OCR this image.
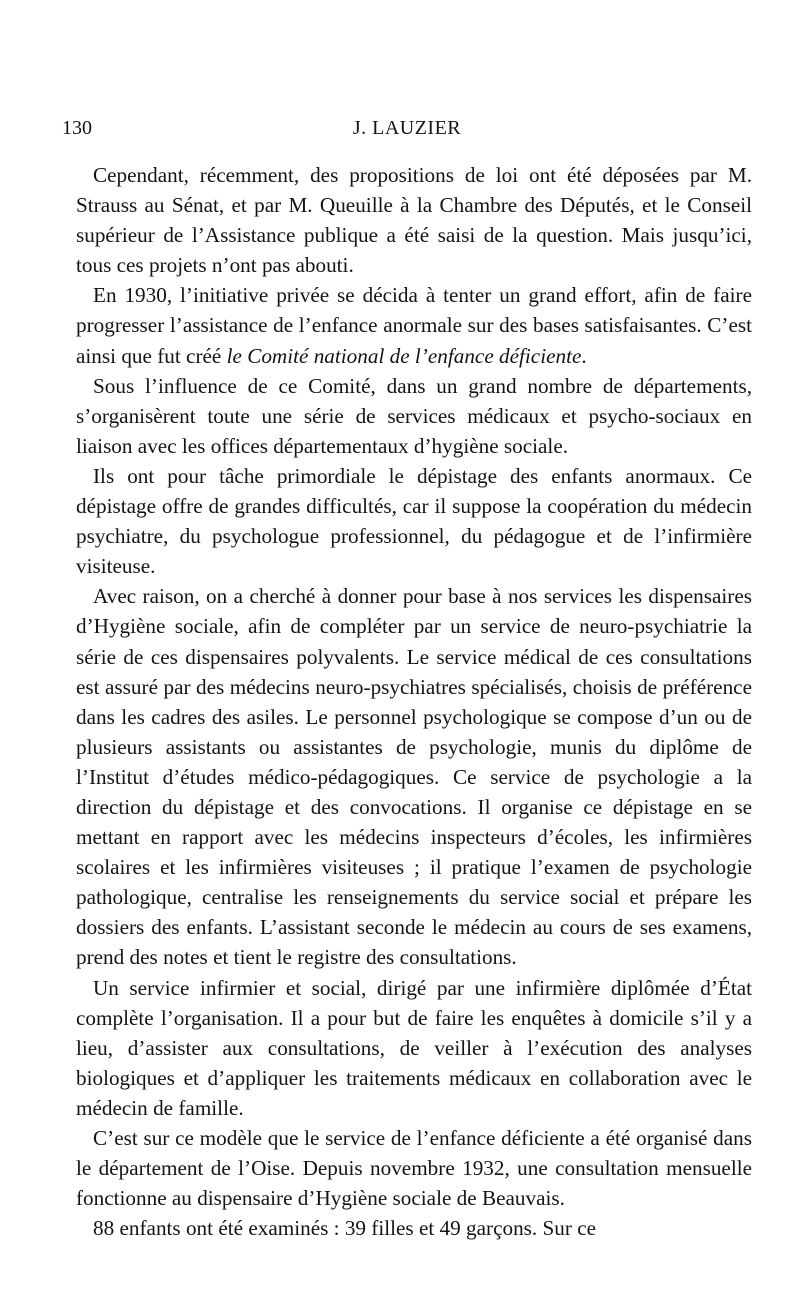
130	J. LAUZIER

Cependant, récemment, des propositions de loi ont été déposées par M. Strauss au Sénat, et par M. Queuille à la Chambre des Députés, et le Conseil supérieur de l’Assistance publique a été saisi de la question. Mais jusqu’ici, tous ces projets n’ont pas abouti.

En 1930, l’initiative privée se décida à tenter un grand effort, afin de faire progresser l’assistance de l’enfance anormale sur des bases satisfaisantes. C’est ainsi que fut créé le Comité national de l’enfance déficiente.

Sous l’influence de ce Comité, dans un grand nombre de départements, s’organisèrent toute une série de services médicaux et psycho-sociaux en liaison avec les offices départementaux d’hygiène sociale.

Ils ont pour tâche primordiale le dépistage des enfants anormaux. Ce dépistage offre de grandes difficultés, car il suppose la coopération du médecin psychiatre, du psychologue professionnel, du pédagogue et de l’infirmière visiteuse.

Avec raison, on a cherché à donner pour base à nos services les dispensaires d’Hygiène sociale, afin de compléter par un service de neuro-psychiatrie la série de ces dispensaires polyvalents. Le service médical de ces consultations est assuré par des médecins neuro-psychiatres spécialisés, choisis de préférence dans les cadres des asiles. Le personnel psychologique se compose d’un ou de plusieurs assistants ou assistantes de psychologie, munis du diplôme de l’Institut d’études médico-pédagogiques. Ce service de psychologie a la direction du dépistage et des convocations. Il organise ce dépistage en se mettant en rapport avec les médecins inspecteurs d’écoles, les infirmières scolaires et les infirmières visiteuses ; il pratique l’examen de psychologie pathologique, centralise les renseignements du service social et prépare les dossiers des enfants. L’assistant seconde le médecin au cours de ses examens, prend des notes et tient le registre des consultations.

Un service infirmier et social, dirigé par une infirmière diplômée d’État complète l’organisation. Il a pour but de faire les enquêtes à domicile s’il y a lieu, d’assister aux consultations, de veiller à l’exécution des analyses biologiques et d’appliquer les traitements médicaux en collaboration avec le médecin de famille.

C’est sur ce modèle que le service de l’enfance déficiente a été organisé dans le département de l’Oise. Depuis novembre 1932, une consultation mensuelle fonctionne au dispensaire d’Hygiène sociale de Beauvais.

88 enfants ont été examinés : 39 filles et 49 garçons. Sur ce
